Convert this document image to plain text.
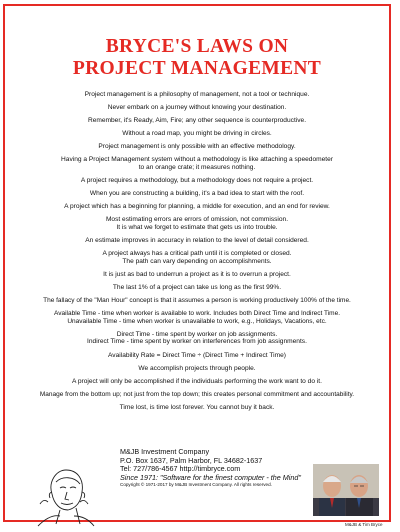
BRYCE'S LAWS ON
PROJECT MANAGEMENT
Project management is a philosophy of management, not a tool or technique.
Never embark on a journey without knowing your destination.
Remember, it's Ready, Aim, Fire; any other sequence is counterproductive.
Without a road map, you might be driving in circles.
Project management is only possible with an effective methodology.
Having a Project Management system without a methodology is like attaching a speedometer
to an orange crate; it measures nothing.
A project requires a methodology, but a methodology does not require a project.
When you are constructing a building, it's a bad idea to start with the roof.
A project which has a beginning for planning, a middle for execution, and an end for review.
Most estimating errors are errors of omission, not commission.
It is what we forget to estimate that gets us into trouble.
An estimate improves in accuracy in relation to the level of detail considered.
A project always has a critical path until it is completed or closed.
The path can vary depending on accomplishments.
It is just as bad to underrun a project as it is to overrun a project.
The last 1% of a project can take us long as the first 99%.
The fallacy of the "Man Hour" concept is that it assumes a person is working productively 100% of the time.
Available Time - time when worker is available to work. Includes both Direct Time and Indirect Time.
Unavailable Time - time when worker is unavailable to work, e.g., Holidays, Vacations, etc.
Direct Time - time spent by worker on job assignments.
Indirect Time - time spent by worker on interferences from job assignments.
Availability Rate = Direct Time ÷ (Direct Time + Indirect Time)
We accomplish projects through people.
A project will only be accomplished if the individuals performing the work want to do it.
Manage from the bottom up; not just from the top down; this creates personal commitment and accountability.
Time lost, is time lost forever. You cannot buy it back.
M&JB Investment Company
P.O. Box 1637, Palm Harbor, FL 34682-1637
Tel: 727/786-4567 http://timbryce.com
Since 1971: "Software for the finest computer - the Mind"
Copyright © 1971-2017 by M&JB Investment Company. All rights reserved.
M&JB & Tim Bryce
